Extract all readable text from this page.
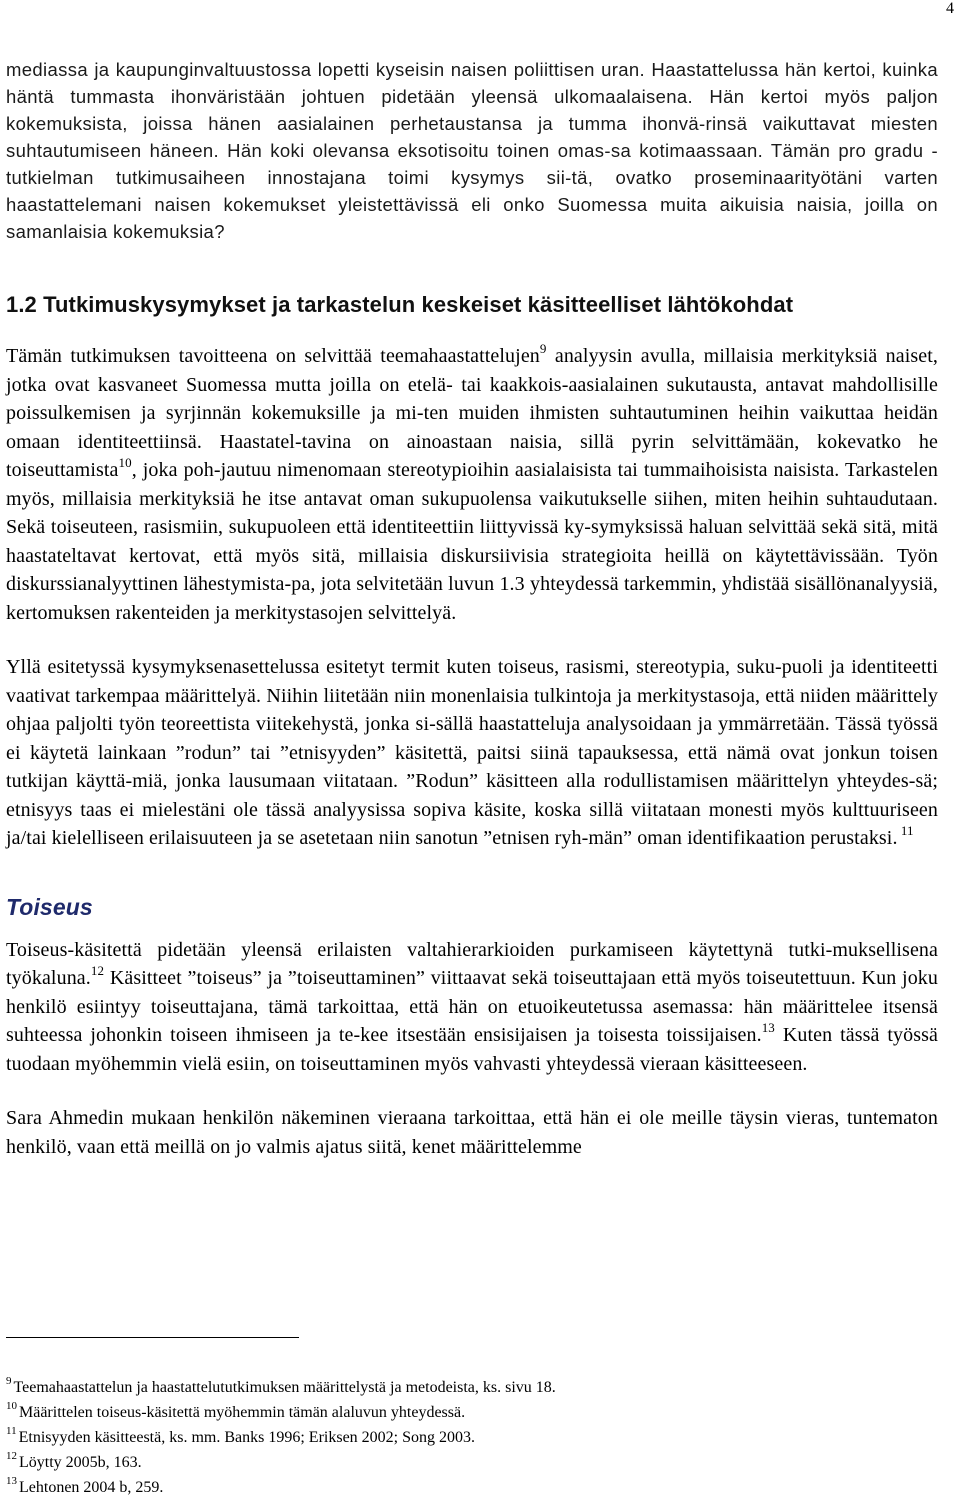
4

mediassa ja kaupunginvaltuustossa lopetti kyseisin naisen poliittisen uran. Haastattelussa hän kertoi, kuinka häntä tummasta ihonväristään johtuen pidetään yleensä ulkomaalaisena. Hän kertoi myös paljon kokemuksista, joissa hänen aasialainen perhetaustansa ja tumma ihonvä-rinsä vaikuttavat miesten suhtautumiseen häneen. Hän koki olevansa eksotisoitu toinen omas-sa kotimaassaan. Tämän pro gradu -tutkielman tutkimusaiheen innostajana toimi kysymys sii-tä, ovatko proseminaarityötäni varten haastattelemani naisen kokemukset yleistettävissä eli onko Suomessa muita aikuisia naisia, joilla on samanlaisia kokemuksia?

1.2 Tutkimuskysymykset ja tarkastelun keskeiset käsitteelliset lähtökohdat

Tämän tutkimuksen tavoitteena on selvittää teemahaastattelujen$^9$ analyysin avulla, millaisia merkityksiä naiset, jotka ovat kasvaneet Suomessa mutta joilla on etelä- tai kaakkois-aasialainen sukutausta, antavat mahdollisille poissulkemisen ja syrjinnän kokemuksille ja mi-ten muiden ihmisten suhtautuminen heihin vaikuttaa heidän omaan identiteettiinsä. Haastatel-tavina on ainoastaan naisia, sillä pyrin selvittämään, kokevatko he toiseuttamista$^{10}$, joka poh-jautuu nimenomaan stereotypioihin aasialaisista tai tummaihoisista naisista. Tarkastelen myös, millaisia merkityksiä he itse antavat oman sukupuolensa vaikutukselle siihen, miten heihin suhtaudutaan. Sekä toiseuteen, rasismiin, sukupuoleen että identiteettiin liittyvissä ky-symyksissä haluan selvittää sekä sitä, mitä haastateltavat kertovat, että myös sitä, millaisia diskursiivisia strategioita heillä on käytettävissään. Työn diskurssianalyyttinen lähestymista-pa, jota selvitetään luvun 1.3 yhteydessä tarkemmin, yhdistää sisällönanalyysiä, kertomuksen rakenteiden ja merkitystasojen selvittelyä.

Yllä esitetyssä kysymyksenasettelussa esitetyt termit kuten toiseus, rasismi, stereotypia, suku-puoli ja identiteetti vaativat tarkempaa määrittelyä. Niihin liitetään niin monenlaisia tulkintoja ja merkitystasoja, että niiden määrittely ohjaa paljolti työn teoreettista viitekehystä, jonka si-sällä haastatteluja analysoidaan ja ymmärretään. Tässä työssä ei käytetä lainkaan ”rodun” tai ”etnisyyden” käsitettä, paitsi siinä tapauksessa, että nämä ovat jonkun toisen tutkijan käyttä-miä, jonka lausumaan viitataan. ”Rodun” käsitteen alla rodullistamisen määrittelyn yhteydes-sä; etnisyys taas ei mielestäni ole tässä analyysissa sopiva käsite, koska sillä viitataan monesti myös kulttuuriseen ja/tai kielelliseen erilaisuuteen ja se asetetaan niin sanotun ”etnisen ryh-män” oman identifikaation perustaksi. $^{11}$

Toiseus

Toiseus-käsitettä pidetään yleensä erilaisten valtahierarkioiden purkamiseen käytettynä tutki-muksellisena työkaluna.$^{12}$ Käsitteet ”toiseus” ja ”toiseuttaminen” viittaavat sekä toiseuttajaan että myös toiseutettuun. Kun joku henkilö esiintyy toiseuttajana, tämä tarkoittaa, että hän on etuoikeutetussa asemassa: hän määrittelee itsensä suhteessa johonkin toiseen ihmiseen ja te-kee itsestään ensisijaisen ja toisesta toissijaisen.$^{13}$ Kuten tässä työssä tuodaan myöhemmin vielä esiin, on toiseuttaminen myös vahvasti yhteydessä vieraan käsitteeseen.

Sara Ahmedin mukaan henkilön näkeminen vieraana tarkoittaa, että hän ei ole meille täysin vieras, tuntematon henkilö, vaan että meillä on jo valmis ajatus siitä, kenet määrittelemme

$^9$ Teemahaastattelun ja haastattelututkimuksen määrittelystä ja metodeista, ks. sivu 18.

$^{10}$ Määrittelen toiseus-käsitettä myöhemmin tämän alaluvun yhteydessä.

$^{11}$ Etnisyyden käsitteestä, ks. mm. Banks 1996; Eriksen 2002; Song 2003.

$^{12}$ Löytty 2005b, 163.

$^{13}$ Lehtonen 2004 b, 259.
